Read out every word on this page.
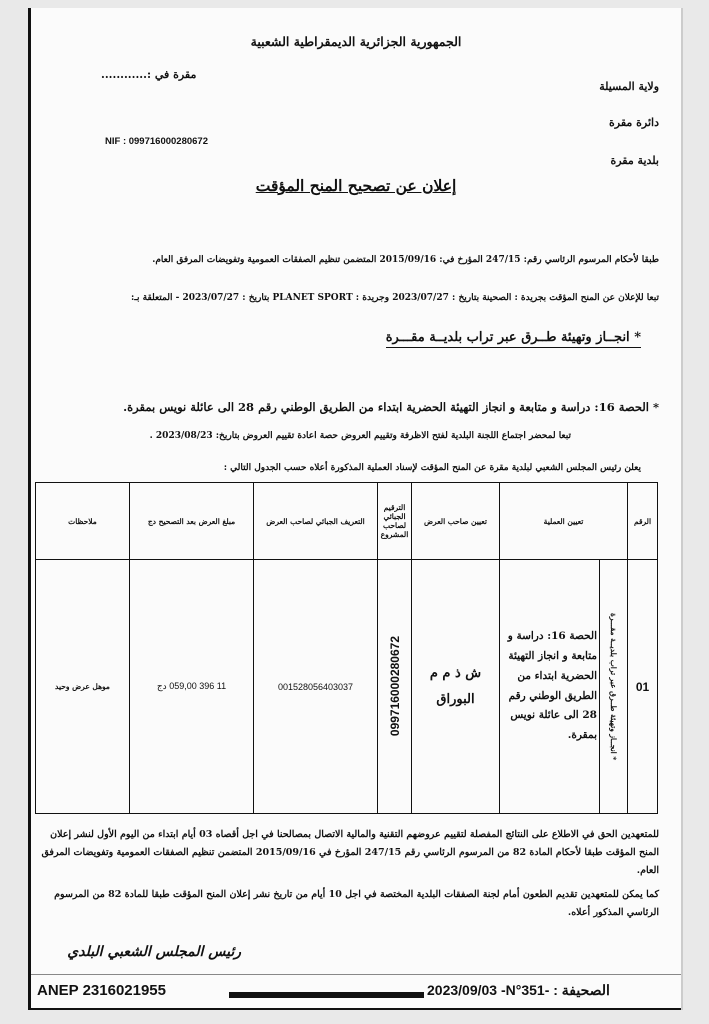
الجمهورية الجزائرية الديمقراطية الشعبية
ولاية المسيلة
دائرة مقرة
بلدية مقرة
مقرة في :............
NIF : 099716000280672
إعلان عن تصحيح المنح المؤقت
طبقا لأحكام المرسوم الرئاسي رقم: 247/15 المؤرخ في: 2015/09/16 المتضمن تنظيم الصفقات العمومية وتفويضات المرفق العام.
تبعا للإعلان عن المنح المؤقت بجريدة : الصحينة بتاريخ : 2023/07/27 وجريدة : PLANET SPORT بتاريخ : 2023/07/27 - المتعلقة بـ:
* انجــاز وتهيئة طــرق عبر تراب بلديــة مقـــرة
* الحصة 16: دراسة و متابعة و انجاز التهيئة الحضرية ابتداء من الطريق الوطني رقم 28 الى عائلة نويس بمقرة.
تبعا لمحضر اجتماع اللجنة البلدية لفتح الاظرفة وتقييم العروض حصة اعادة تقييم العروض بتاريخ: 2023/08/23 .
يعلن رئيس المجلس الشعبي لبلدية مقرة عن المنح المؤقت لإسناد العملية المذكورة أعلاه حسب الجدول التالي :
الرقم	تعيين العملية		تعيين صاحب العرض	الترقيم الجبائي لصاحب المشروع	التعريف الجبائي لصاحب العرض	مبلغ العرض بعد التصحيح دج	ملاحظات
01	* انجــاز وتهيئة طــرق عبر تراب بلديــة مقـــرة	الحصة 16: دراسة و متابعة و انجاز التهيئة الحضرية ابتداء من الطريق الوطني رقم 28 الى عائلة نويس بمقرة.	ش ذ م م البوراق	099716000280672	001528056403037	11 396 059,00 دج	موهل عرض وحيد
للمتعهدين الحق في الاطلاع على النتائج المفصلة لتقييم عروضهم التقنية والمالية الاتصال بمصالحنا في اجل أقصاه 03 أيام ابتداء من اليوم الأول لنشر إعلان المنح المؤقت طبقا لأحكام المادة 82 من المرسوم الرئاسي رقم 247/15 المؤرخ في 2015/09/16 المتضمن تنظيم الصفقات العمومية وتفويضات المرفق العام.
كما يمكن للمتعهدين تقديم الطعون أمام لجنة الصفقات البلدية المختصة في اجل 10 أيام من تاريخ نشر إعلان المنح المؤقت طبقا للمادة 82 من المرسوم الرئاسي المذكور أعلاه.
رئيس المجلس الشعبي البلدي
ANEP 2316021955	2023/09/03 -N°351- : الصحيفة
